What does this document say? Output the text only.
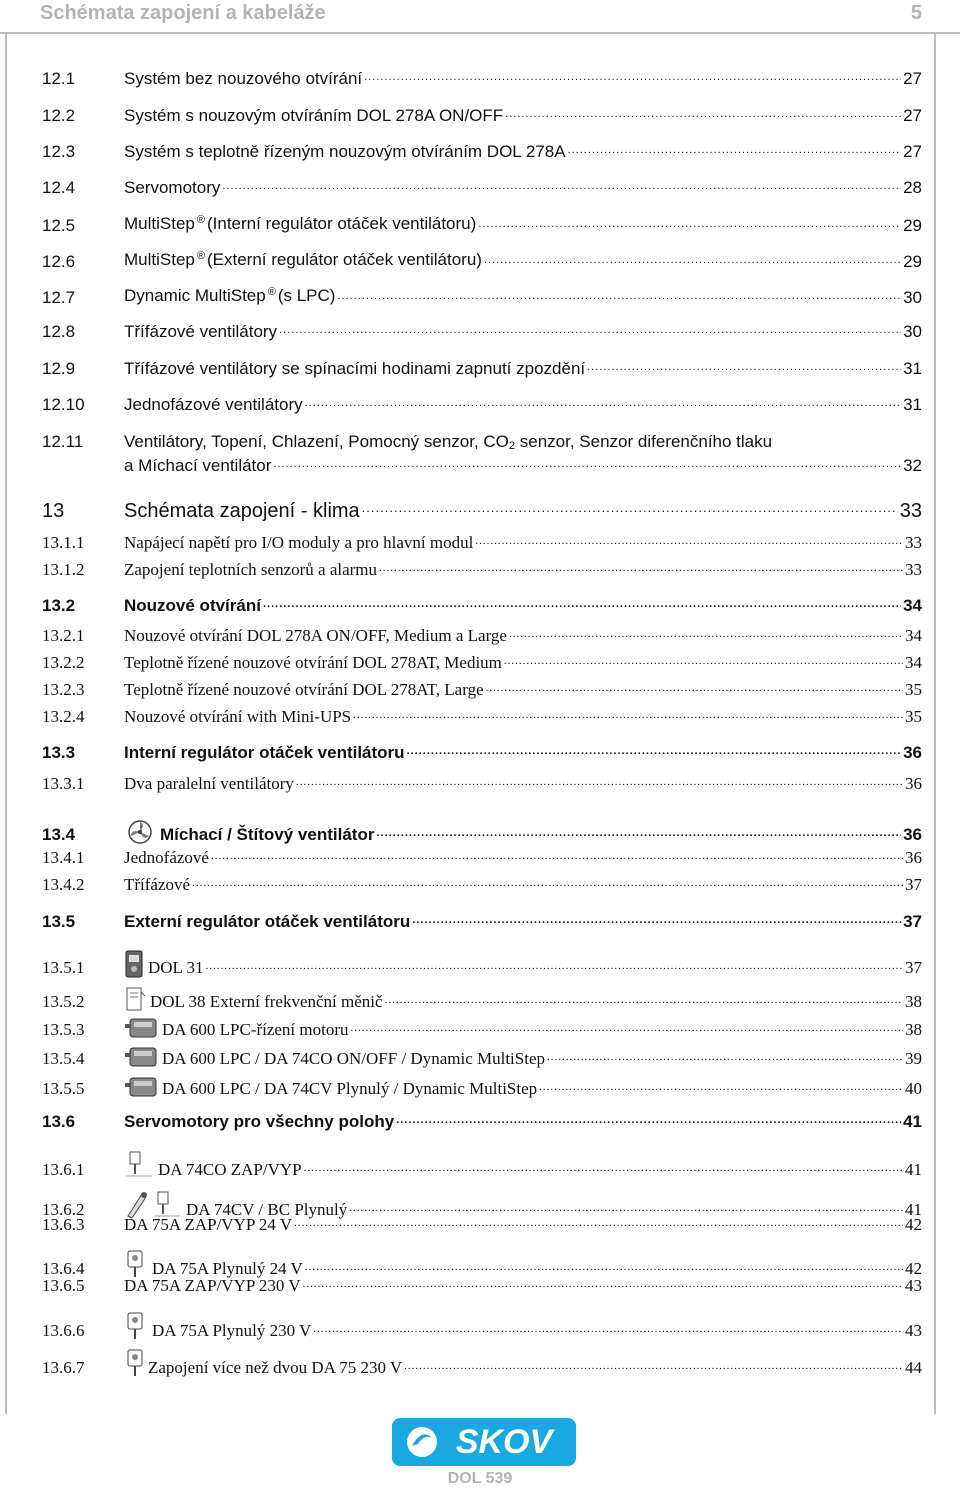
Schémata zapojení a kabeláže	5
12.1	Systém bez nouzového otvírání .....	27
12.2	Systém s nouzovým otvíráním DOL 278A ON/OFF .....	27
12.3	Systém s teplotně řízeným nouzovým otvíráním DOL 278A .....	27
12.4	Servomotory .....	28
12.5	MultiStep ® (Interní regulátor otáček ventilátoru) .....	29
12.6	MultiStep ® (Externí regulátor otáček ventilátoru) .....	29
12.7	Dynamic MultiStep ® (s LPC) .....	30
12.8	Třífázové ventilátory .....	30
12.9	Třífázové ventilátory se spínacími hodinami zapnutí zpozdění .....	31
12.10	Jednofázové ventilátory .....	31
12.11	Ventilátory, Topení, Chlazení, Pomocný senzor, CO2 senzor, Senzor diferenčního tlaku
a Míchací ventilátor .....	32
13	Schémata zapojení - klima .....	33
13.1.1	Napájecí napětí pro I/O moduly a pro hlavní modul .....	33
13.1.2	Zapojení teplotních senzorů a alarmu .....	33
13.2	Nouzové otvírání .....	34
13.2.1	Nouzové otvírání DOL 278A ON/OFF, Medium a Large .....	34
13.2.2	Teplotně řízené nouzové otvírání DOL 278AT, Medium .....	34
13.2.3	Teplotně řízené nouzové otvírání DOL 278AT, Large .....	35
13.2.4	Nouzové otvírání with Mini-UPS .....	35
13.3	Interní regulátor otáček ventilátoru .....	36
13.3.1	Dva paralelní ventilátory .....	36
13.4	Míchací / Štítový ventilátor .....	36
13.4.1	Jednofázové .....	36
13.4.2	Třífázové .....	37
13.5	Externí regulátor otáček ventilátoru .....	37
13.5.1	DOL 31 .....	37
13.5.2	DOL 38 Externí frekvenční měnič .....	38
13.5.3	DA 600 LPC-řízení motoru .....	38
13.5.4	DA 600 LPC / DA 74CO ON/OFF / Dynamic MultiStep .....	39
13.5.5	DA 600 LPC / DA 74CV Plynulý / Dynamic MultiStep .....	40
13.6	Servomotory pro všechny polohy .....	41
13.6.1	DA 74CO ZAP/VYP .....	41
13.6.2	DA 74CV / BC Plynulý .....	41
13.6.3	DA 75A ZAP/VYP 24 V .....	42
13.6.4	DA 75A Plynulý 24 V .....	42
13.6.5	DA 75A ZAP/VYP 230 V .....	43
13.6.6	DA 75A Plynulý 230 V .....	43
13.6.7	Zapojení více než dvou DA 75 230 V .....	44
SKOV
DOL 539
